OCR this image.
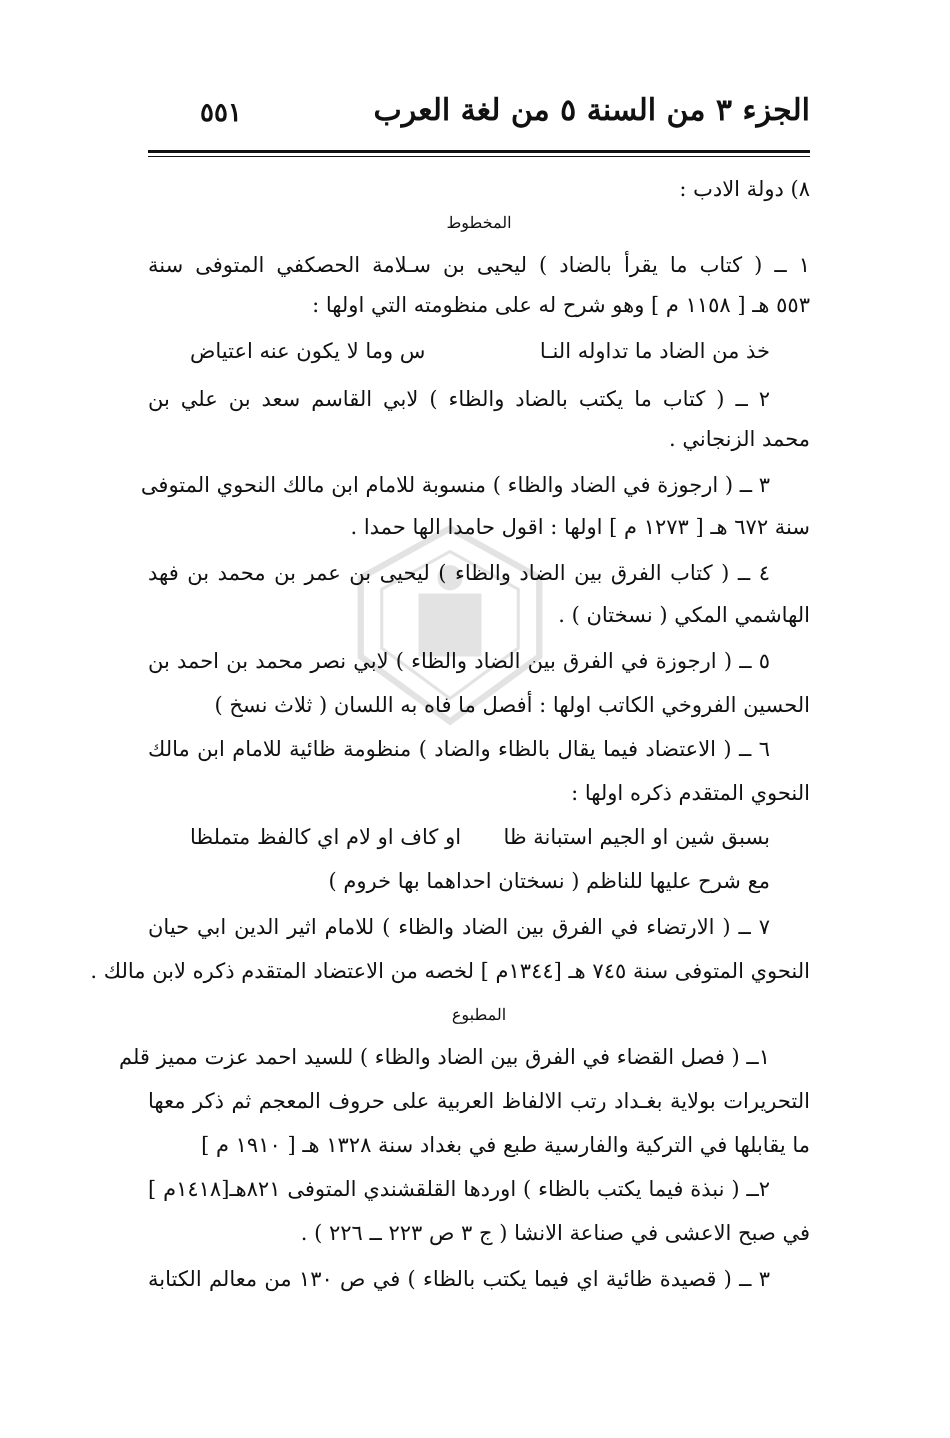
الجزء ٣ من السنة ٥ من لغة العرب
٥٥١
٨) دولة الادب :
المخطوط
١ ــ ( كتاب ما يقرأ بالضاد ) ليحيى بن سـلامة الحصكفي المتوفى سنة
٥٥٣ هـ [ ١١٥٨ م ] وهو شرح له على منظومته التي اولها :
خذ من الضاد ما تداوله النـا
س وما لا يكون عنه اعتياض
٢ ــ ( كتاب ما يكتب بالضاد والظاء ) لابي القاسم سعد بن علي بن
محمد الزنجاني .
٣ ــ ( ارجوزة في الضاد والظاء ) منسوبة للامام ابن مالك النحوي المتوفى
سنة ٦٧٢ هـ [ ١٢٧٣ م ] اولها : اقول حامدا الها حمدا .
٤ ــ ( كتاب الفرق بين الضاد والظاء ) ليحيى بن عمر بن محمد بن فهد
الهاشمي المكي ( نسختان ) .
٥ ــ ( ارجوزة في الفرق بين الضاد والظاء ) لابي نصر محمد بن احمد بن
الحسين الفروخي الكاتب اولها : أفصل ما فاه به اللسان ( ثلاث نسخ )
٦ ــ ( الاعتضاد فيما يقال بالظاء والضاد ) منظومة ظائية للامام ابن مالك
النحوي المتقدم ذكره اولها :
بسبق شين او الجيم استبانة ظا
او كاف او لام اي كالفظ متملظا
مع شرح عليها للناظم ( نسختان احداهما بها خروم )
٧ ــ ( الارتضاء في الفرق بين الضاد والظاء ) للامام اثير الدين ابي حيان
النحوي المتوفى سنة ٧٤٥ هـ [١٣٤٤م ] لخصه من الاعتضاد المتقدم ذكره لابن مالك .
المطبوع
١ــ ( فصل القضاء في الفرق بين الضاد والظاء ) للسيد احمد عزت مميز قلم
التحريرات بولاية بغـداد رتب الالفاظ العربية على حروف المعجم ثم ذكر معها
ما يقابلها في التركية والفارسية طبع في بغداد سنة ١٣٢٨ هـ [ ١٩١٠ م ]
٢ــ ( نبذة فيما يكتب بالظاء ) اوردها القلقشندي المتوفى ٨٢١هـ[١٤١٨م ]
في صبح الاعشى في صناعة الانشا ( ج ٣ ص ٢٢٣ ــ ٢٢٦ ) .
٣ ــ ( قصيدة ظائية اي فيما يكتب بالظاء ) في ص ١٣٠ من معالم الكتابة
